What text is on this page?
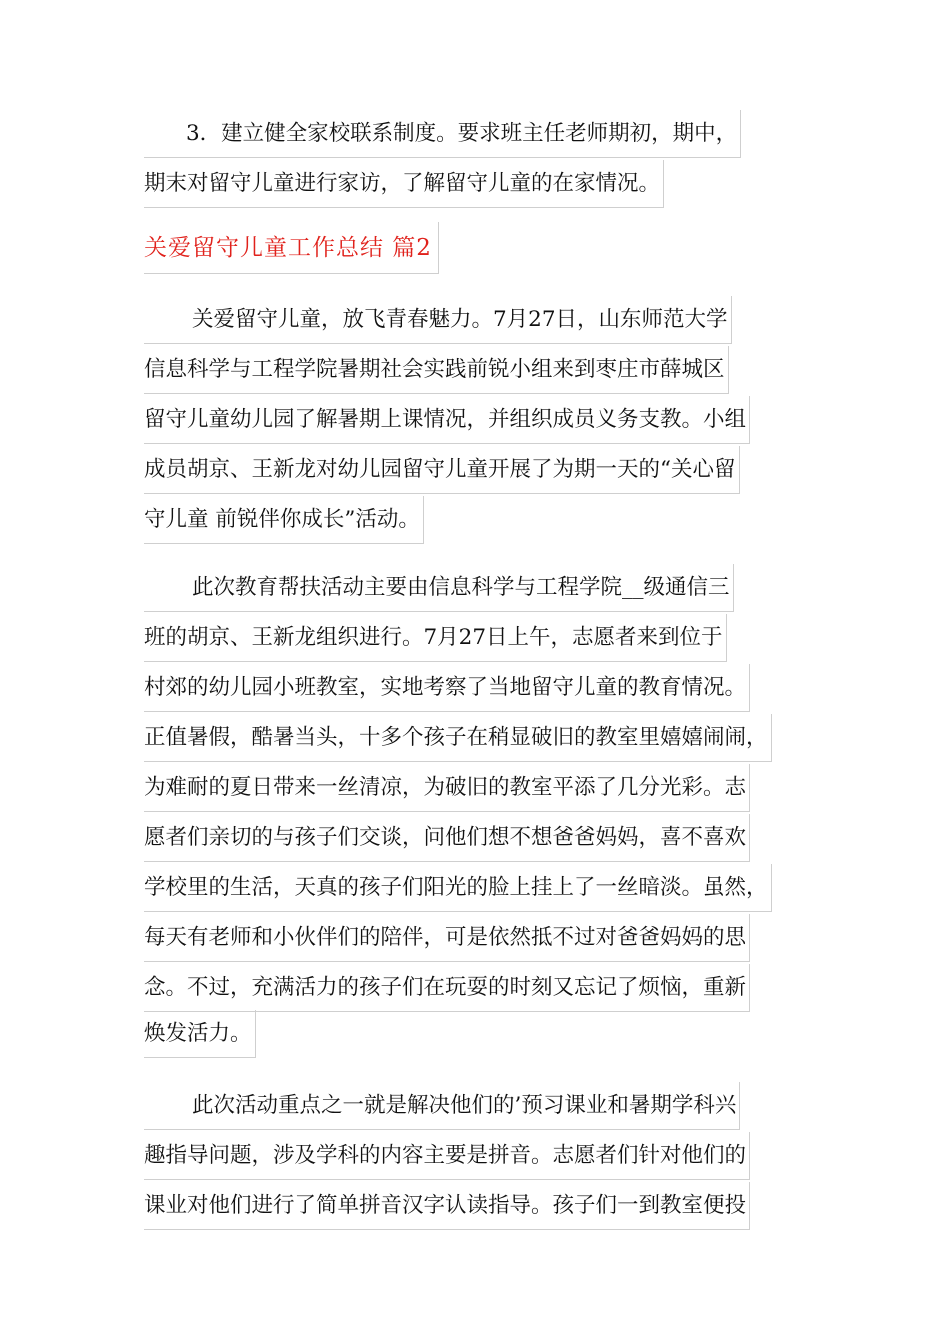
3．建立健全家校联系制度。要求班主任老师期初，期中，
期末对留守儿童进行家访，了解留守儿童的在家情况。
关爱留守儿童工作总结 篇2
关爱留守儿童，放飞青春魅力。7月27日，山东师范大学
信息科学与工程学院暑期社会实践前锐小组来到枣庄市薛城区
留守儿童幼儿园了解暑期上课情况，并组织成员义务支教。小组
成员胡京、王新龙对幼儿园留守儿童开展了为期一天的“关心留
守儿童 前锐伴你成长”活动。
此次教育帮扶活动主要由信息科学与工程学院__级通信三
班的胡京、王新龙组织进行。7月27日上午，志愿者来到位于
村郊的幼儿园小班教室，实地考察了当地留守儿童的教育情况。
正值暑假，酷暑当头，十多个孩子在稍显破旧的教室里嬉嬉闹闹，
为难耐的夏日带来一丝清凉，为破旧的教室平添了几分光彩。志
愿者们亲切的与孩子们交谈，问他们想不想爸爸妈妈，喜不喜欢
学校里的生活，天真的孩子们阳光的脸上挂上了一丝暗淡。虽然，
每天有老师和小伙伴们的陪伴，可是依然抵不过对爸爸妈妈的思
念。不过，充满活力的孩子们在玩耍的时刻又忘记了烦恼，重新
焕发活力。
此次活动重点之一就是解决他们的’预习课业和暑期学科兴
趣指导问题，涉及学科的内容主要是拼音。志愿者们针对他们的
课业对他们进行了简单拼音汉字认读指导。孩子们一到教室便投
